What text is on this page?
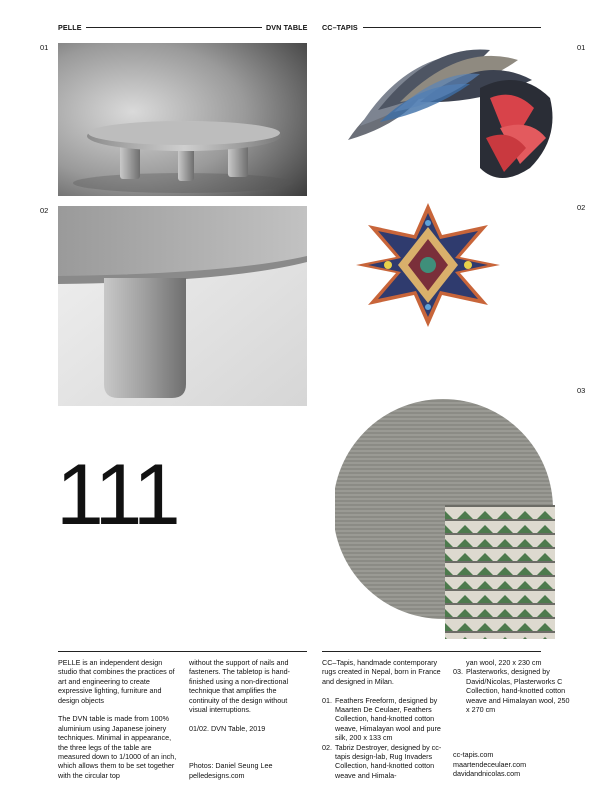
PELLE	DVN TABLE CC–TAPIS
01
02
01
02
03
111

PELLE is an independent design studio that combines the practices of art and engineering to create expressive lighting, furniture and design objects

The DVN table is made from 100% aluminium using Japanese joinery techniques. Minimal in appearance, the three legs of the table are measured down to 1/1000 of an inch, which allows them to be set together with the circular top

without the support of nails and fasteners. The tabletop is hand-finished using a non-directional technique that amplifies the continuity of the design without visual interruptions.

01/02. DVN Table, 2019

Photos: Daniel Seung Lee
pelledesigns.com

CC–Tapis, handmade contemporary rugs created in Nepal, born in France and designed in Milan.

01. Feathers Freeform, designed by Maarten De Ceulaer, Feathers Collection, hand-knotted cotton weave, Himalayan wool and pure silk, 200 x 133 cm
02. Tabriz Destroyer, designed by cc-tapis design-lab, Rug Invaders Collection, hand-knotted cotton weave and Himala-
yan wool, 220 x 230 cm
03. Plasterworks, designed by David/Nicolas, Plasterworks C Collection, hand-knotted cotton weave and Himalayan wool, 250 x 270 cm
cc-tapis.com
maartendeceulaer.com
davidandnicolas.com
